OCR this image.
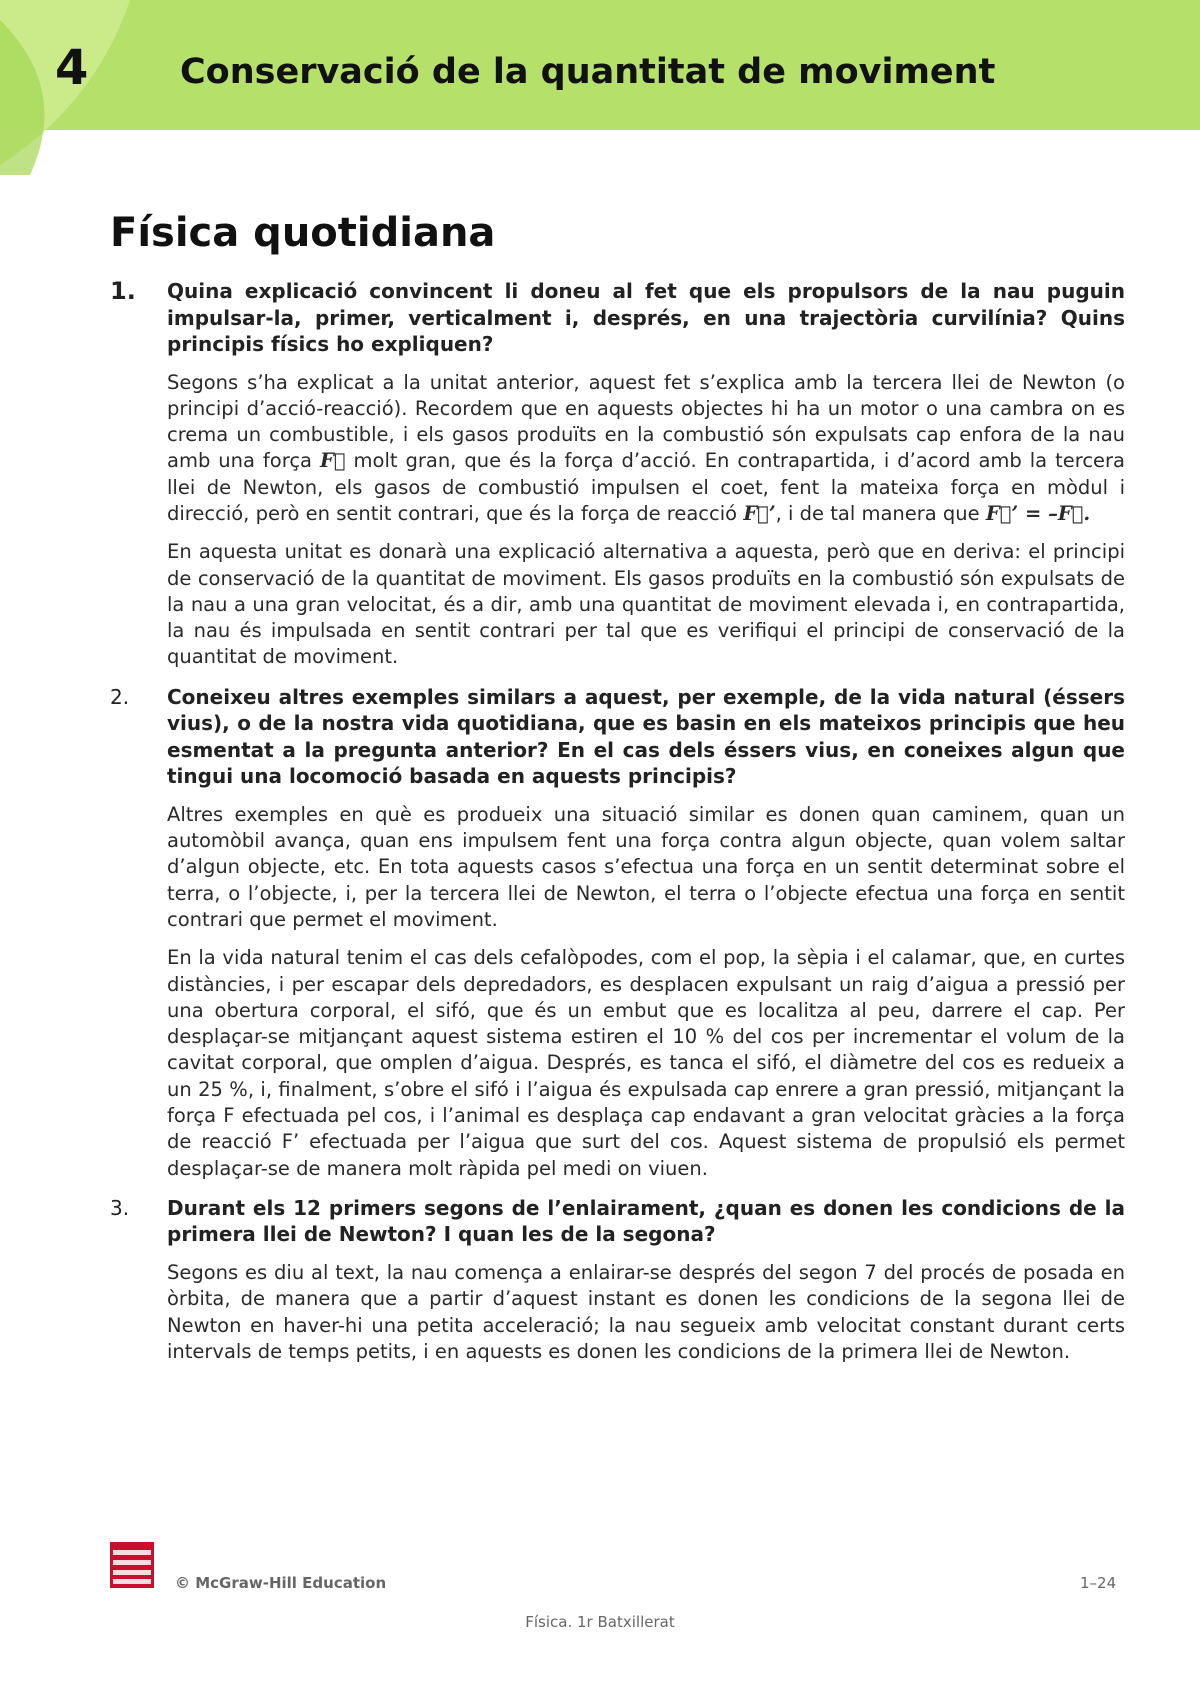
4	Conservació de la quantitat de moviment
Física quotidiana
1. Quina explicació convincent li doneu al fet que els propulsors de la nau puguin impulsar-la, primer, verticalment i, després, en una trajectòria curvilínia? Quins principis físics ho expliquen?
Segons s’ha explicat a la unitat anterior, aquest fet s’explica amb la tercera llei de Newton (o principi d’acció-reacció). Recordem que en aquests objectes hi ha un motor o una cambra on es crema un combustible, i els gasos produïts en la combustió són expulsats cap enfora de la nau amb una força F⃗ molt gran, que és la força d’acció. En contrapartida, i d’acord amb la tercera llei de Newton, els gasos de combustió impulsen el coet, fent la mateixa força en mòdul i direcció, però en sentit contrari, que és la força de reacció F⃗’, i de tal manera que F⃗’ = –F⃗.
En aquesta unitat es donarà una explicació alternativa a aquesta, però que en deriva: el principi de conservació de la quantitat de moviment. Els gasos produïts en la combustió són expulsats de la nau a una gran velocitat, és a dir, amb una quantitat de moviment elevada i, en contrapartida, la nau és impulsada en sentit contrari per tal que es verifiqui el principi de conservació de la quantitat de moviment.
2. Coneixeu altres exemples similars a aquest, per exemple, de la vida natural (éssers vius), o de la nostra vida quotidiana, que es basin en els mateixos principis que heu esmentat a la pregunta anterior? En el cas dels éssers vius, en coneixes algun que tingui una locomoció basada en aquests principis?
Altres exemples en què es produeix una situació similar es donen quan caminem, quan un automòbil avança, quan ens impulsem fent una força contra algun objecte, quan volem saltar d’algun objecte, etc. En tota aquests casos s’efectua una força en un sentit determinat sobre el terra, o l’objecte, i, per la tercera llei de Newton, el terra o l’objecte efectua una força en sentit contrari que permet el moviment.
En la vida natural tenim el cas dels cefalòpodes, com el pop, la sèpia i el calamar, que, en curtes distàncies, i per escapar dels depredadors, es desplacen expulsant un raig d’aigua a pressió per una obertura corporal, el sifó, que és un embut que es localitza al peu, darrere el cap. Per desplaçar-se mitjançant aquest sistema estiren el 10 % del cos per incrementar el volum de la cavitat corporal, que omplen d’aigua. Després, es tanca el sifó, el diàmetre del cos es redueix a un 25 %, i, finalment, s’obre el sifó i l’aigua és expulsada cap enrere a gran pressió, mitjançant la força F efectuada pel cos, i l’animal es desplaça cap endavant a gran velocitat gràcies a la força de reacció F’ efectuada per l’aigua que surt del cos. Aquest sistema de propulsió els permet desplaçar-se de manera molt ràpida pel medi on viuen.
3. Durant els 12 primers segons de l’enlairament, ¿quan es donen les condicions de la primera llei de Newton? I quan les de la segona?
Segons es diu al text, la nau comença a enlairar-se després del segon 7 del procés de posada en òrbita, de manera que a partir d’aquest instant es donen les condicions de la segona llei de Newton en haver-hi una petita acceleració; la nau segueix amb velocitat constant durant certs intervals de temps petits, i en aquests es donen les condicions de la primera llei de Newton.
© McGraw-Hill Education	1–24
Física. 1r Batxillerat
